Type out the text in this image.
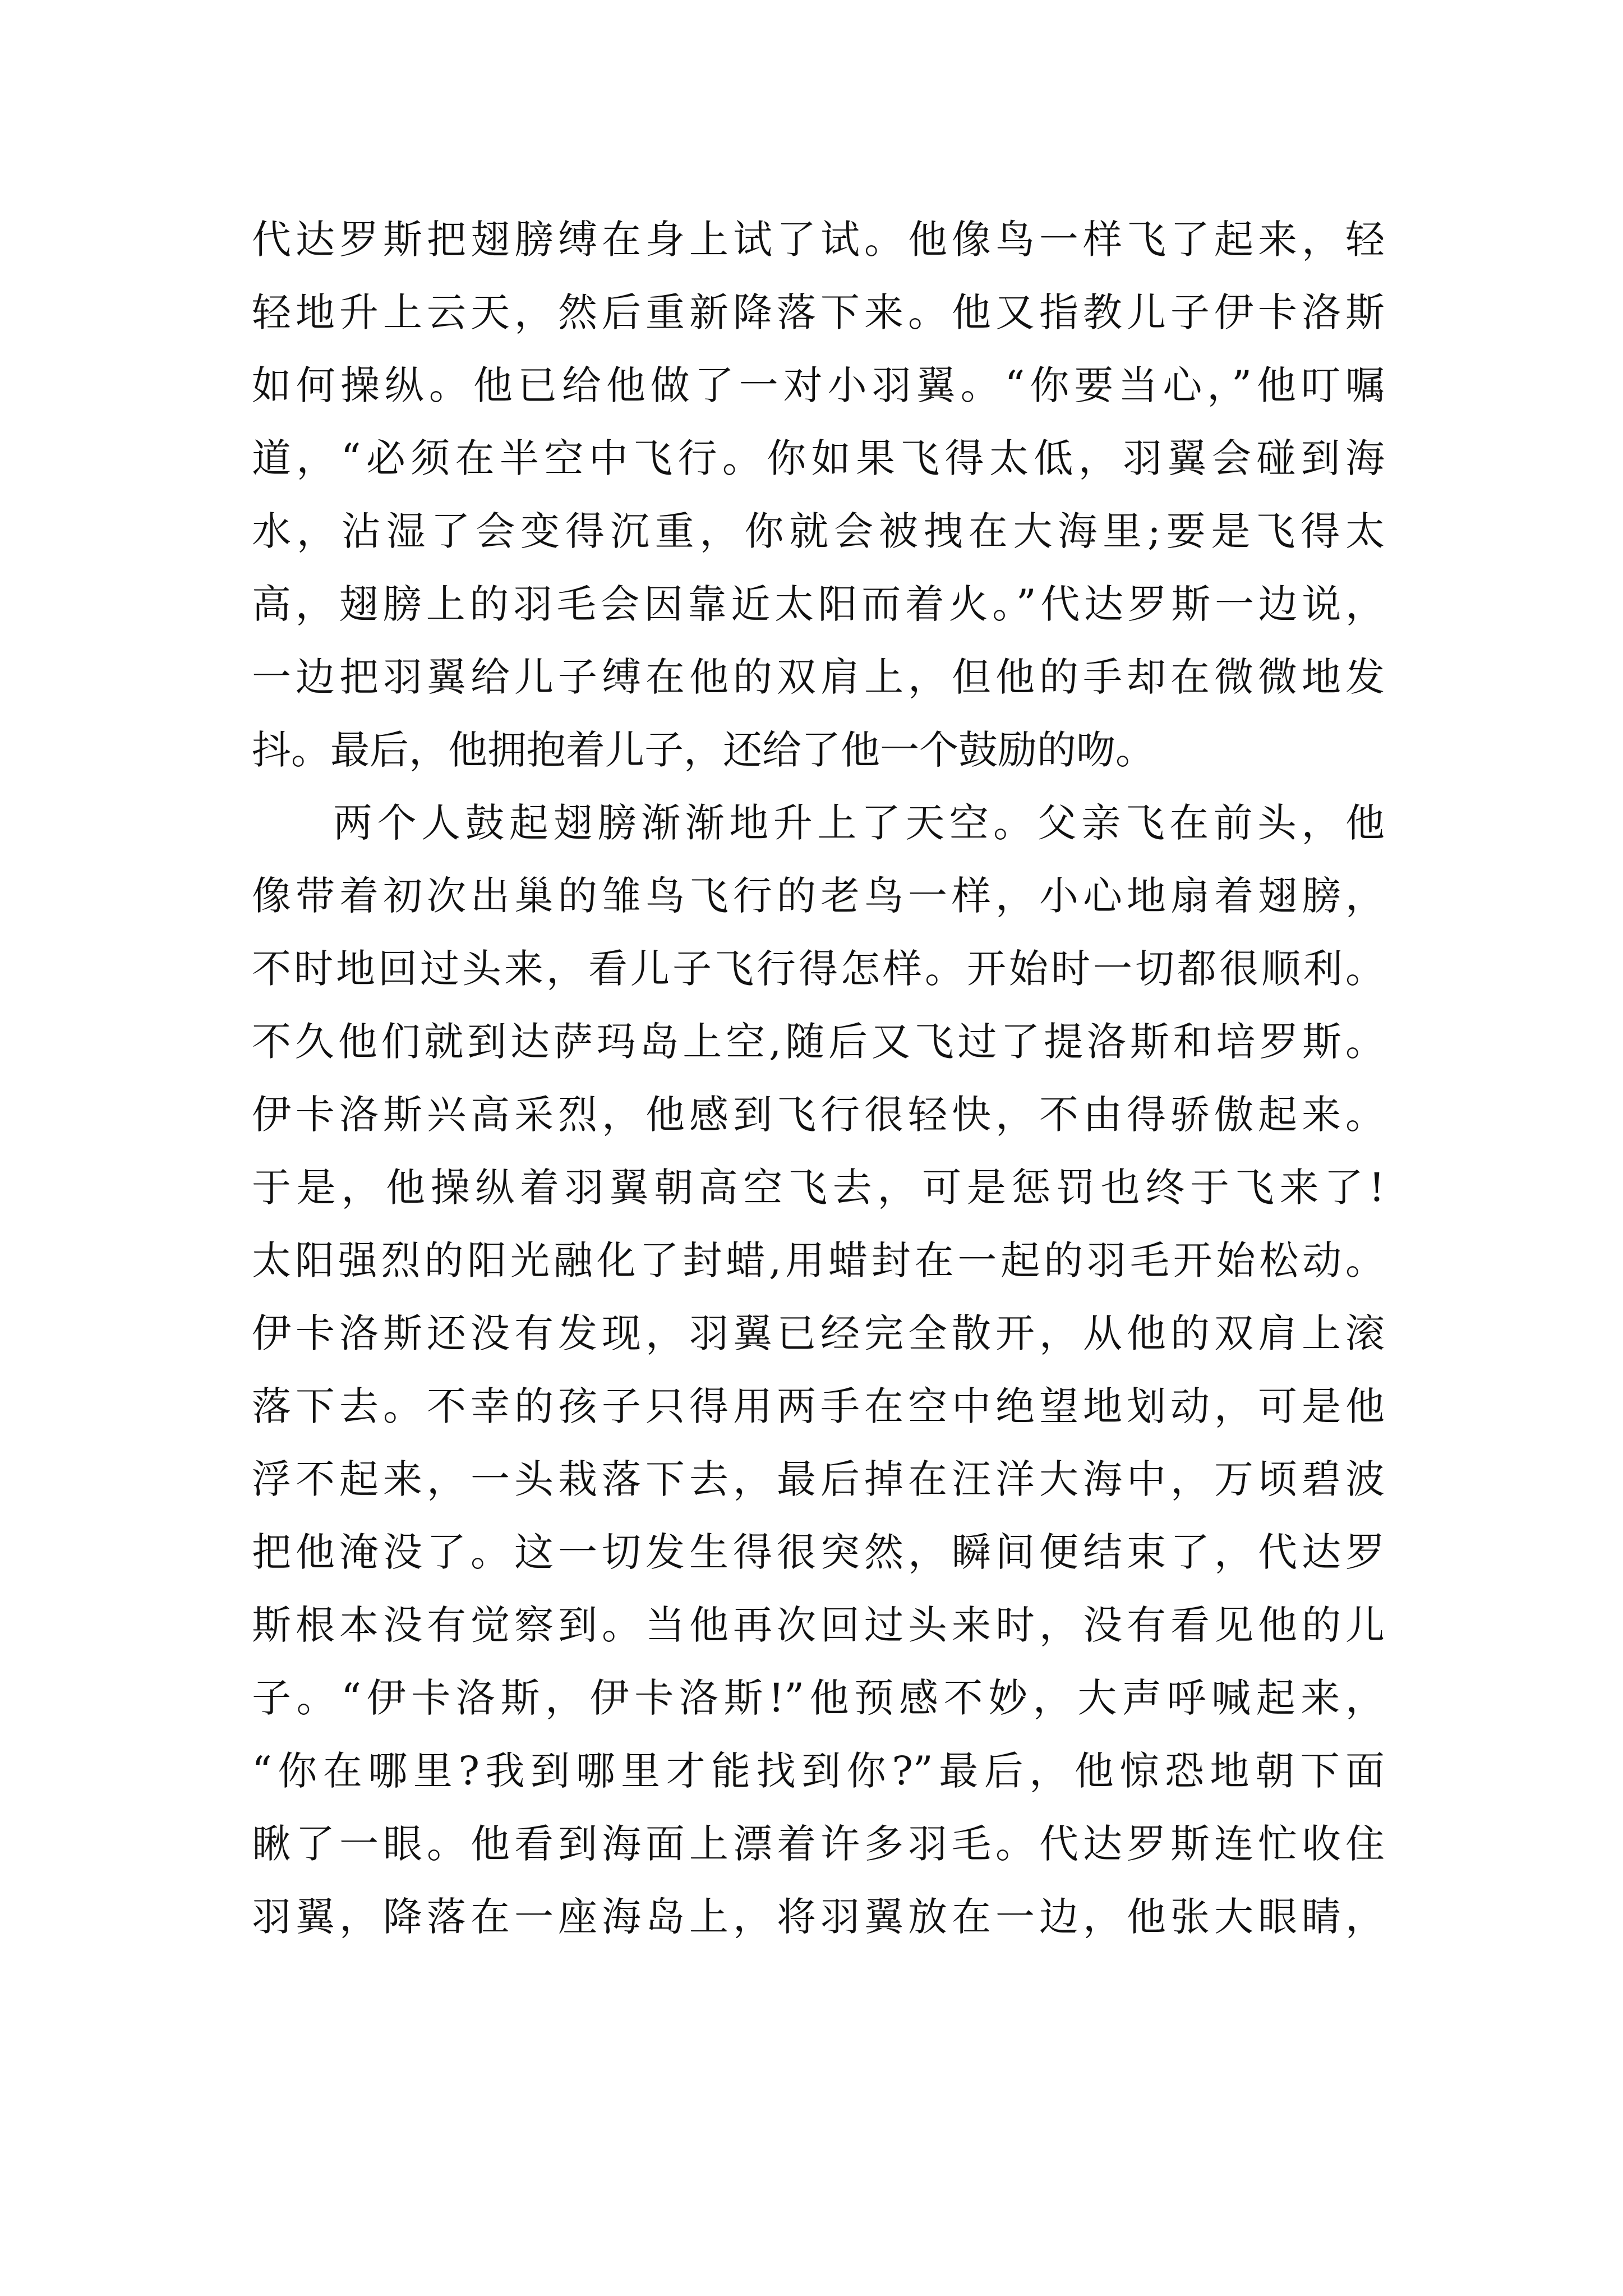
代达罗斯把翅膀缚在身上试了试。他像鸟一样飞了起来，轻
轻地升上云天，然后重新降落下来。他又指教儿子伊卡洛斯
如何操纵。他已给他做了一对小羽翼。“你要当心，”他叮嘱
道，“必须在半空中飞行。你如果飞得太低，羽翼会碰到海
水，沾湿了会变得沉重，你就会被拽在大海里;要是飞得太
高，翅膀上的羽毛会因靠近太阳而着火。”代达罗斯一边说，
一边把羽翼给儿子缚在他的双肩上，但他的手却在微微地发
抖。最后，他拥抱着儿子，还给了他一个鼓励的吻。
两个人鼓起翅膀渐渐地升上了天空。父亲飞在前头，他
像带着初次出巢的雏鸟飞行的老鸟一样，小心地扇着翅膀，
不时地回过头来，看儿子飞行得怎样。开始时一切都很顺利。
不久他们就到达萨玛岛上空,随后又飞过了提洛斯和培罗斯。
伊卡洛斯兴高采烈，他感到飞行很轻快，不由得骄傲起来。
于是，他操纵着羽翼朝高空飞去，可是惩罚也终于飞来了!
太阳强烈的阳光融化了封蜡,用蜡封在一起的羽毛开始松动。
伊卡洛斯还没有发现，羽翼已经完全散开，从他的双肩上滚
落下去。不幸的孩子只得用两手在空中绝望地划动，可是他
浮不起来，一头栽落下去，最后掉在汪洋大海中，万顷碧波
把他淹没了。这一切发生得很突然，瞬间便结束了，代达罗
斯根本没有觉察到。当他再次回过头来时，没有看见他的儿
子。“伊卡洛斯，伊卡洛斯!”他预感不妙，大声呼喊起来，
“你在哪里?我到哪里才能找到你?”最后，他惊恐地朝下面
瞅了一眼。他看到海面上漂着许多羽毛。代达罗斯连忙收住
羽翼，降落在一座海岛上，将羽翼放在一边，他张大眼睛，
